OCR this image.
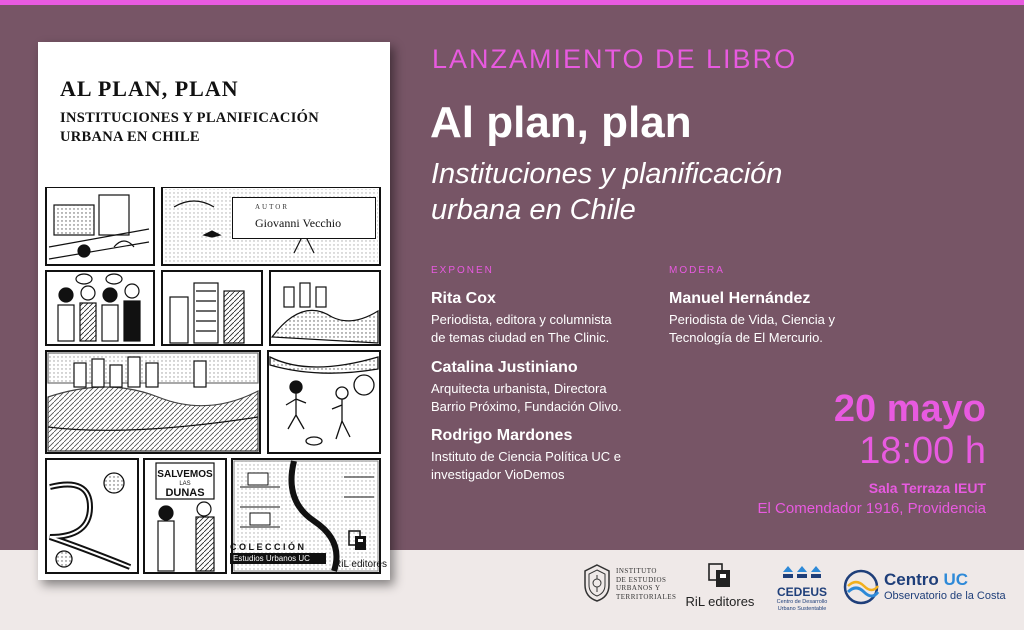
AL PLAN, PLAN
INSTITUCIONES Y PLANIFICACIÓN
URBANA EN CHILE
SALVEMOS
LAS
DUNAS
AUTOR
Giovanni Vecchio
COLECCIÓN
Estudios Urbanos UC
RiL editores
LANZAMIENTO DE LIBRO
Al plan, plan
Instituciones y planificación
urbana en Chile
EXPONEN	MODERA
Rita Cox
Periodista, editora y columnista
de temas ciudad en The Clinic.
Catalina Justiniano
Arquitecta urbanista, Directora
Barrio Próximo, Fundación Olivo.
Rodrigo Mardones
Instituto de Ciencia Política UC e
investigador VioDemos
Manuel Hernández
Periodista de Vida, Ciencia y
Tecnología de El Mercurio.
20 mayo
18:00 h
Sala Terraza IEUT
El Comendador 1916, Providencia
INSTITUTO
DE ESTUDIOS
URBANOS Y
TERRITORIALES RiL editores
CEDEUS
Centro de Desarrollo
Urbano Sustentable
Centro UC
Observatorio de la Costa
